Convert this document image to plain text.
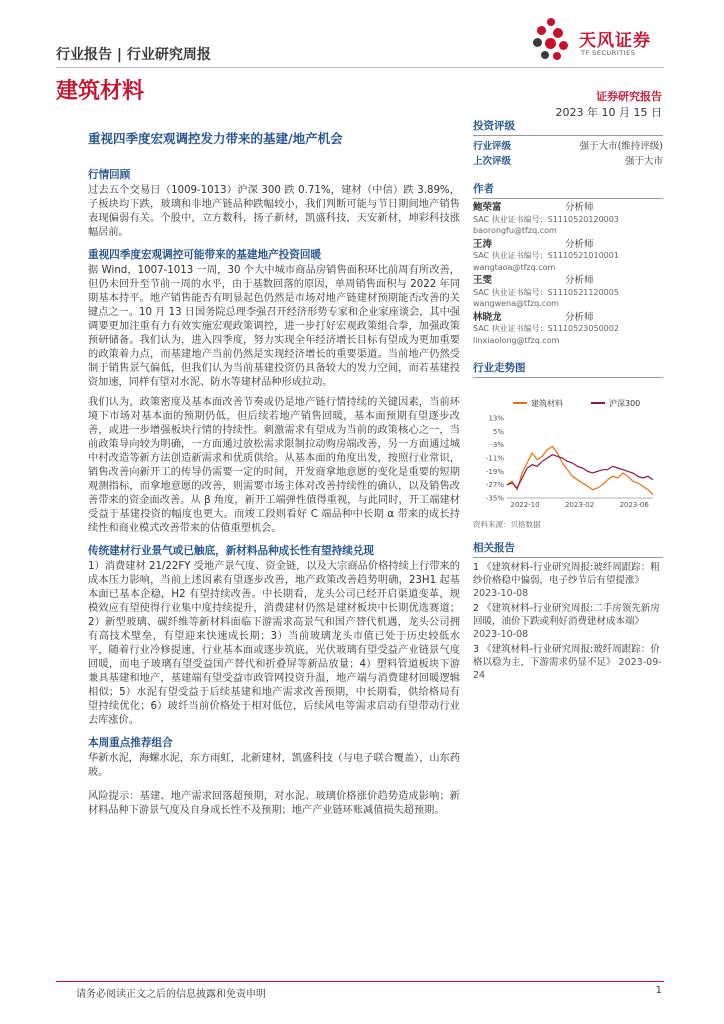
行业报告 | 行业研究周报
建筑材料
天风证券
TF SECURITIES
证券研究报告
2023 年 10 月 15 日
重视四季度宏观调控发力带来的基建/地产机会
行情回顾

过去五个交易日（1009-1013）沪深 300 跌 0.71%，建材（中信）跌 3.89%，子板块均下跌，玻璃和非地产链品种跌幅较小，我们判断可能与节日期间地产销售表现偏弱有关。个股中，立方数科，扬子新材，凯盛科技，天安新材，坤彩科技涨幅居前。

重视四季度宏观调控可能带来的基建地产投资回暖

据 Wind，1007-1013 一周，30 个大中城市商品房销售面积环比前周有所改善，但仍未回升至节前一周的水平，由于基数回落的原因，单周销售面积与 2022 年同期基本持平。地产销售能否有明显起色仍然是市场对地产链建材预期能否改善的关键点之一。10 月 13 日国务院总理李强召开经济形势专家和企业家座谈会，其中强调要更加注重有力有效实施宏观政策调控，进一步打好宏观政策组合拳，加强政策预研储备。我们认为，进入四季度，努力实现全年经济增长目标有望成为更加重要的政策着力点，而基建地产当前仍然是实现经济增长的重要渠道。当前地产仍然受制于销售景气偏低，但我们认为当前基建投资仍具备较大的发力空间，而若基建投资加速，同样有望对水泥、防水等建材品种形成拉动。

我们认为，政策密度及基本面改善节奏或仍是地产链行情持续的关键因素，当前环境下市场对基本面的预期仍低，但后续若地产销售回暖，基本面预期有望逐步改善，或进一步增强板块行情的持续性。刺激需求有望成为当前的政策核心之一，当前政策导向较为明确，一方面通过放松需求限制拉动购房端改善，另一方面通过城中村改造等新方法创造新需求和优质供给。从基本面的角度出发，按照行业常识，销售改善向新开工的传导仍需要一定的时间，开发商拿地意愿的变化是重要的短期观测指标，而拿地意愿的改善，则需要市场主体对改善持续性的确认，以及销售改善带来的资金面改善。从 β 角度，新开工端弹性值得重视，与此同时，开工端建材受益于基建投资的幅度也更大。而竣工段则看好 C 端品种中长期 α 带来的成长持续性和商业模式改善带来的估值重塑机会。

传统建材行业景气或已触底，新材料品种成长性有望持续兑现

1）消费建材 21/22FY 受地产景气度、资金链，以及大宗商品价格持续上行带来的成本压力影响，当前上述因素有望逐步改善，地产政策改善趋势明确，23H1 起基本面已基本企稳，H2 有望持续改善。中长期看，龙头公司已经开启渠道变革，规模效应有望使得行业集中度持续提升，消费建材仍然是建材板块中长期优选赛道；2）新型玻璃、碳纤维等新材料面临下游需求高景气和国产替代机遇，龙头公司拥有高技术壁垒，有望迎来快速成长期；3）当前玻璃龙头市值已处于历史较低水平，随着行业冷修提速，行业基本面或逐步筑底，光伏玻璃有望受益产业链景气度回暖，而电子玻璃有望受益国产替代和折叠屏等新品放量；4）塑料管道板块下游兼具基建和地产，基建端有望受益市政管网投资升温，地产端与消费建材回暖逻辑相似；5）水泥有望受益于后续基建和地产需求改善预期，中长期看，供给格局有望持续优化；6）玻纤当前价格处于相对低位，后续风电等需求启动有望带动行业去库涨价。

本周重点推荐组合

华新水泥，海螺水泥，东方雨虹，北新建材，凯盛科技（与电子联合覆盖），山东药玻。

风险提示：基建、地产需求回落超预期，对水泥、玻璃价格涨价趋势造成影响；新材料品种下游景气度及自身成长性不及预期；地产产业链环账减值损失超预期。

投资评级
行业评级	强于大市(维持评级)
上次评级	强于大市
作者
鲍荣富	分析师
SAC 执业证书编号：S1110520120003
baorongfu@tfzq.com
王涛	分析师
SAC 执业证书编号：S1110521010001
wangtaoa@tfzq.com
王雯	分析师
SAC 执业证书编号：S1110521120005
wangwena@tfzq.com
林晓龙	分析师
SAC 执业证书编号：S1110523050002
linxiaolong@tfzq.com
行业走势图
建筑材料	沪深300
13%
5%
-3%
-11%
-19%
-27%
-35%
2022-10	2023-02	2023-06
资料来源：贝格数据
相关报告
1 《建筑材料-行业研究周报:玻纤周跟踪：粗纱价格稳中偏弱，电子纱节后有望提涨》 2023-10-08
2 《建筑材料-行业研究周报:二手房领先新房回暖，油价下跌或利好消费建材成本端》 2023-10-08
3 《建筑材料-行业研究周报:玻纤周跟踪：价格以稳为主，下游需求仍显不足》 2023-09-24
请务必阅读正文之后的信息披露和免责申明	1
